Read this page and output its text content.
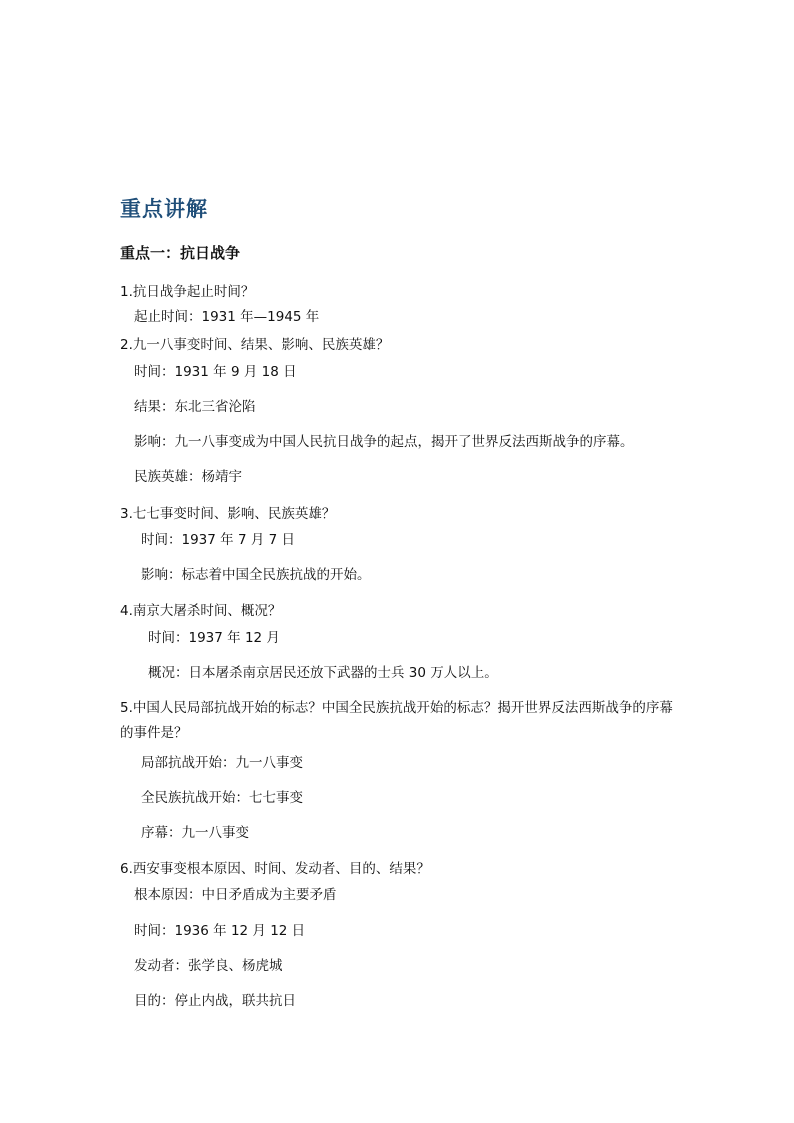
重点讲解
重点一：抗日战争
1.抗日战争起止时间？
起止时间：1931 年—1945 年
2.九一八事变时间、结果、影响、民族英雄？
时间：1931 年 9 月 18 日
结果：东北三省沦陷
影响：九一八事变成为中国人民抗日战争的起点，揭开了世界反法西斯战争的序幕。
民族英雄：杨靖宇
3.七七事变时间、影响、民族英雄？
时间：1937 年 7 月 7 日
影响：标志着中国全民族抗战的开始。
4.南京大屠杀时间、概况？
时间：1937 年 12 月
概况：日本屠杀南京居民还放下武器的士兵 30 万人以上。
5.中国人民局部抗战开始的标志？中国全民族抗战开始的标志？揭开世界反法西斯战争的序幕的事件是？
局部抗战开始：九一八事变
全民族抗战开始：七七事变
序幕：九一八事变
6.西安事变根本原因、时间、发动者、目的、结果？
根本原因：中日矛盾成为主要矛盾
时间：1936 年 12 月 12 日
发动者：张学良、杨虎城
目的：停止内战，联共抗日
